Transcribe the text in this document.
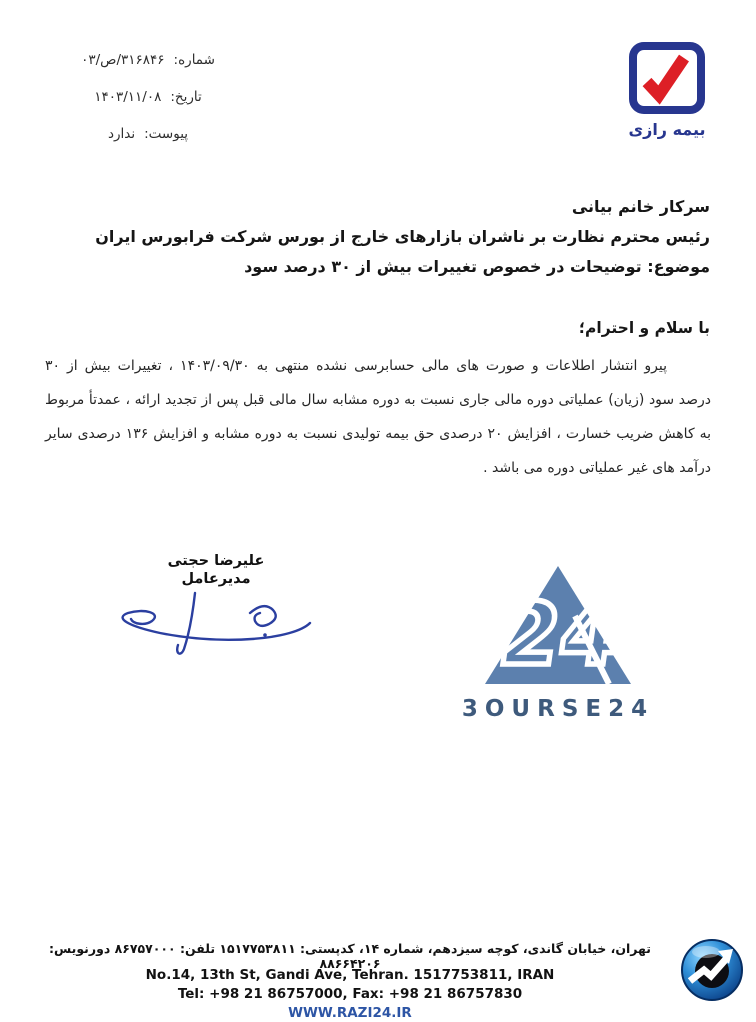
شماره:
۳۱۶۸۴۶/ص/۰۳
تاریخ:
۱۴۰۳/۱۱/۰۸
پیوست:
ندارد	بیمه رازی
سرکار خانم بیانی
رئیس محترم نظارت بر ناشران بازارهای خارج از بورس شرکت فرابورس ایران
موضوع: توضیحات در خصوص تغییرات بیش از ۳۰ درصد سود
با سلام و احترام؛
پیرو انتشار اطلاعات و صورت های مالی حسابرسی نشده منتهی به ۱۴۰۳/۰۹/۳۰ ، تغییرات بیش از ۳۰
درصد سود (زیان) عملیاتی دوره مالی جاری نسبت به دوره مشابه سال مالی قبل پس از تجدید ارائه ، عمدتأ مربوط
به کاهش ضریب خسارت ، افزایش ۲۰ درصدی حق بیمه تولیدی نسبت به دوره مشابه و افزایش ۱۳۶ درصدی سایر
درآمد های غیر عملیاتی دوره می باشد .
علیرضا حجتی
مدیرعامل
24
3OURSE24
تهران، خیابان گاندی، کوچه سیزدهم، شماره ۱۴، کدپستی: ۱۵۱۷۷۵۳۸۱۱ تلفن: ۸۶۷۵۷۰۰۰ دورنویس: ۸۸۶۶۴۲۰۶
No.14, 13th St, Gandi Ave, Tehran. 1517753811, IRAN
Tel: +98 21 86757000, Fax: +98 21 86757830
WWW.RAZI24.IR
